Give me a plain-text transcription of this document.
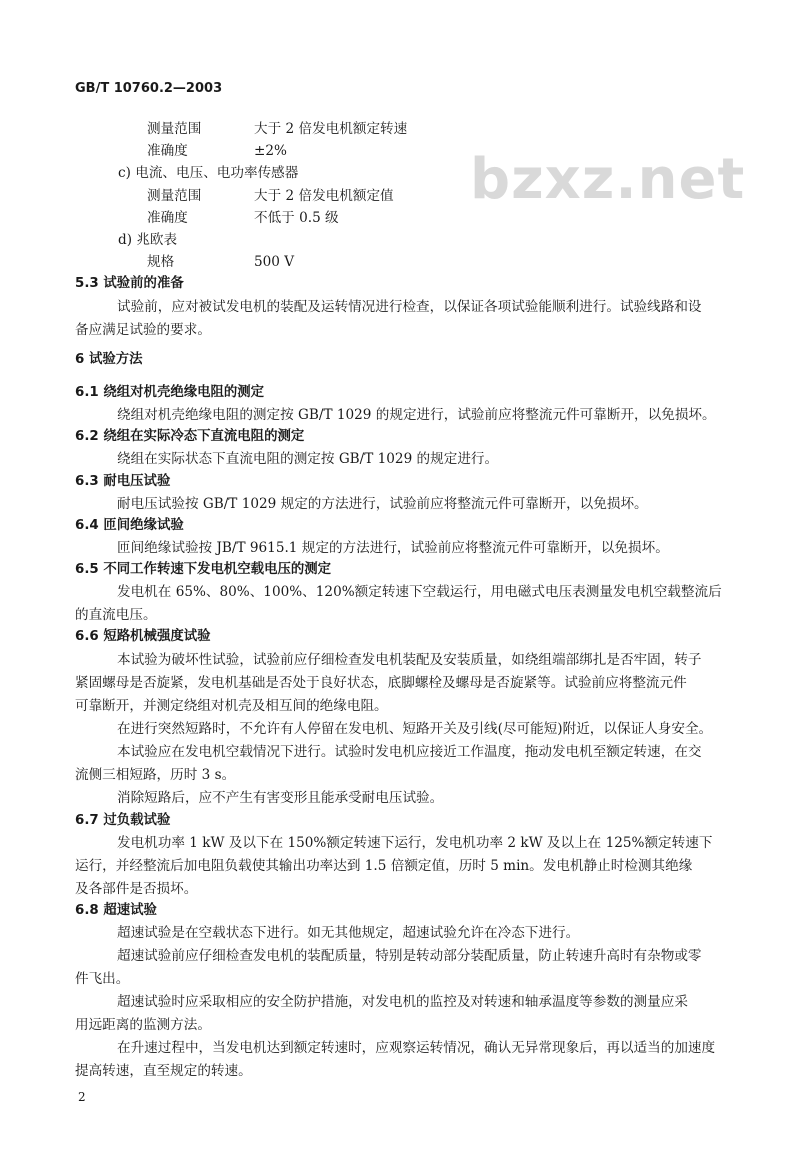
bzxz.net
GB/T 10760.2—2003
测量范围	大于 2 倍发电机额定转速
准确度	±2%
c) 电流、电压、电功率传感器
测量范围	大于 2 倍发电机额定值
准确度	不低于 0.5 级
d) 兆欧表
规格	500 V
5.3 试验前的准备
试验前，应对被试发电机的装配及运转情况进行检查，以保证各项试验能顺利进行。试验线路和设
备应满足试验的要求。
6 试验方法
6.1 绕组对机壳绝缘电阻的测定
绕组对机壳绝缘电阻的测定按 GB/T 1029 的规定进行，试验前应将整流元件可靠断开，以免损坏。
6.2 绕组在实际冷态下直流电阻的测定
绕组在实际状态下直流电阻的测定按 GB/T 1029 的规定进行。
6.3 耐电压试验
耐电压试验按 GB/T 1029 规定的方法进行，试验前应将整流元件可靠断开，以免损坏。
6.4 匝间绝缘试验
匝间绝缘试验按 JB/T 9615.1 规定的方法进行，试验前应将整流元件可靠断开，以免损坏。
6.5 不同工作转速下发电机空载电压的测定
发电机在 65%、80%、100%、120%额定转速下空载运行，用电磁式电压表测量发电机空载整流后
的直流电压。
6.6 短路机械强度试验
本试验为破坏性试验，试验前应仔细检查发电机装配及安装质量，如绕组端部绑扎是否牢固，转子
紧固螺母是否旋紧，发电机基础是否处于良好状态，底脚螺栓及螺母是否旋紧等。试验前应将整流元件
可靠断开，并测定绕组对机壳及相互间的绝缘电阻。
在进行突然短路时，不允许有人停留在发电机、短路开关及引线(尽可能短)附近，以保证人身安全。
本试验应在发电机空载情况下进行。试验时发电机应接近工作温度，拖动发电机至额定转速，在交
流侧三相短路，历时 3 s。
消除短路后，应不产生有害变形且能承受耐电压试验。
6.7 过负载试验
发电机功率 1 kW 及以下在 150%额定转速下运行，发电机功率 2 kW 及以上在 125%额定转速下
运行，并经整流后加电阻负载使其输出功率达到 1.5 倍额定值，历时 5 min。发电机静止时检测其绝缘
及各部件是否损坏。
6.8 超速试验
超速试验是在空载状态下进行。如无其他规定，超速试验允许在冷态下进行。
超速试验前应仔细检查发电机的装配质量，特别是转动部分装配质量，防止转速升高时有杂物或零
件飞出。
超速试验时应采取相应的安全防护措施，对发电机的监控及对转速和轴承温度等参数的测量应采
用远距离的监测方法。
在升速过程中，当发电机达到额定转速时，应观察运转情况，确认无异常现象后，再以适当的加速度
提高转速，直至规定的转速。
2
